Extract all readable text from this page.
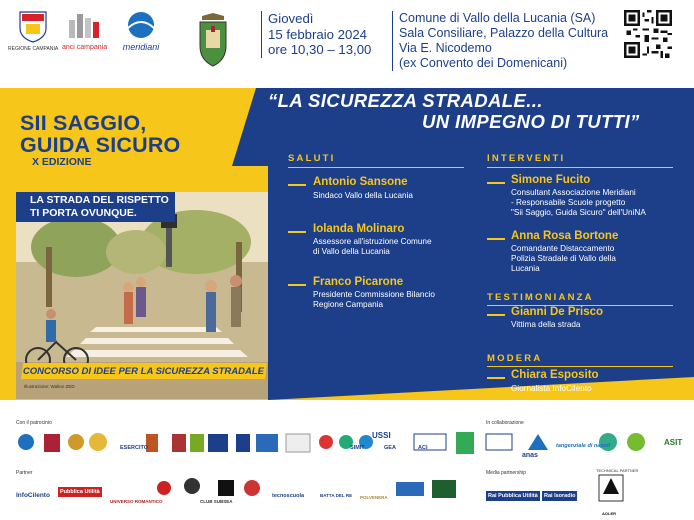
REGIONE CAMPANIA anci campania meridiani
Giovedì
15 febbraio 2024
ore 10,30 – 13,00
Comune di Vallo della Lucania (SA)
Sala Consiliare, Palazzo della Cultura
Via E. Nicodemo
(ex Convento dei Domenicani)
SII SAGGIO,
GUIDA SICURO
X EDIZIONE
LA STRADA DEL RISPETTO
TI PORTA OVUNQUE.
CONCORSO DI IDEE PER LA SICUREZZA STRADALE
Illustrazione: Walton ZED
“LA SICUREZZA STRADALE...
UN IMPEGNO DI TUTTI”
SALUTI
Antonio Sansone
Sindaco Vallo della Lucania
Iolanda Molinaro
Assessore all'istruzione Comune
di Vallo della Lucania
Franco Picarone
Presidente Commissione Bilancio
Regione Campania
INTERVENTI
Simone Fucito
Consultant Associazione Meridiani
- Responsabile Scuole progetto
"Sii Saggio, Guida Sicuro" dell'UniNA
Anna Rosa Bortone
Comandante Distaccamento
Polizia Stradale di Vallo della
Lucania
TESTIMONIANZA
Gianni De Prisco
Vittima della strada
MODERA
Chiara Esposito
Giornalista InfoCilento
Con il patrocinio	In collaborazione
ESERCITO	SIMIT	GEA
USSI
ACI
anas
tangenziale di napoli	ASIT
Partner	Media partnership	TECHNICAL PARTNER
InfoCilento	Pubblica Utilità
UNIVERSO ROMANTICO	CLUB SUBSEA
tecnoscuola	BATTA DEL RE POLVENERA	Rai Pubblica Utilità	Rai Isoradio
AOLER
